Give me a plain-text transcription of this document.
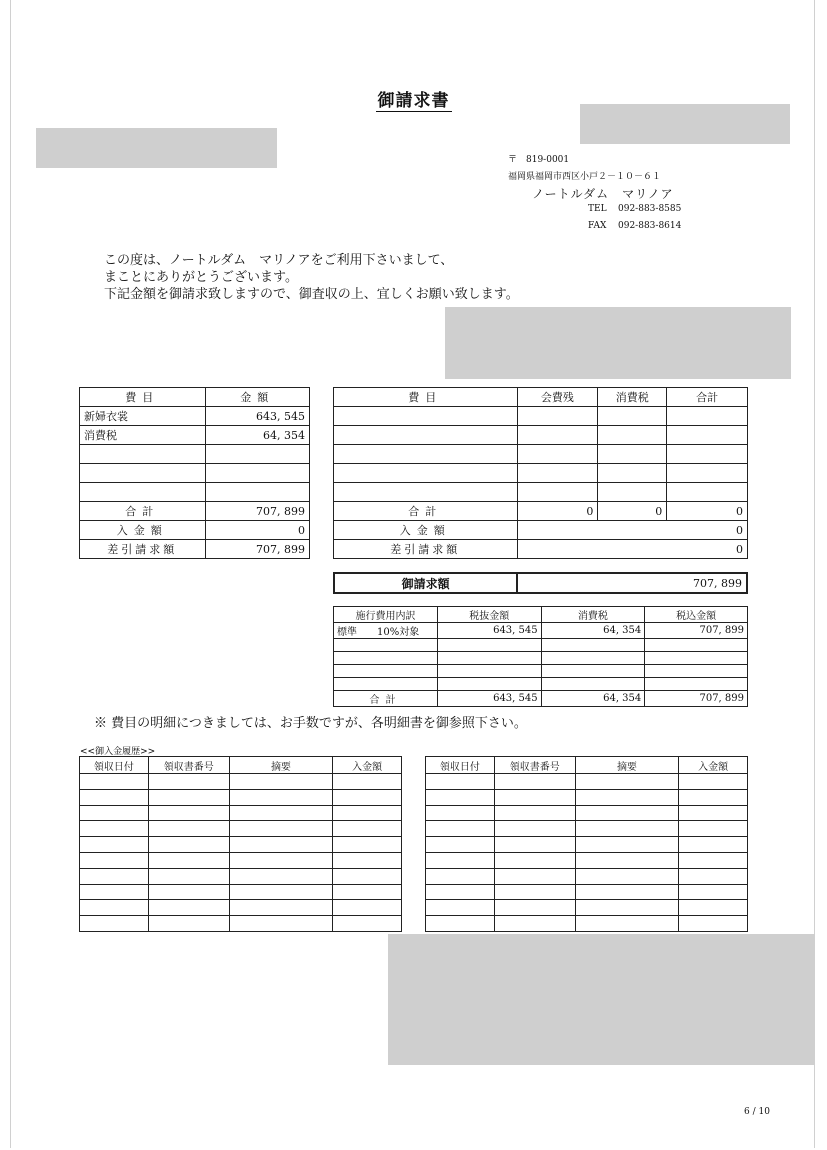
御請求書
〒　819-0001
福岡県福岡市西区小戸２－１０－６１
ノートルダム　マリノア
TEL 092-883-8585
FAX 092-883-8614
この度は、ノートルダム　マリノアをご利用下さいまして、
まことにありがとうございます。
下記金額を御請求致しますので、御査収の上、宜しくお願い致します。
費目	金額
新婦衣裳	643, 545
消費税	64, 354

合計	707, 899
入金額	0
差引請求額	707, 899
費目	会費残	消費税	合計

合計	0	0	0
入金額	0		
差引請求額	0		
御請求額	707, 899
施行費用内訳	税抜金額	消費税	税込金額
標準　　10%対象	643, 545	64, 354	707, 899

合計	643, 545	64, 354	707, 899
※ 費目の明細につきましては、お手数ですが、各明細書を御参照下さい。
<<御入金履歴>>
領収日付	領収書番号	摘要	入金額

				領収日付	領収書番号	摘要	入金額

6 / 10
